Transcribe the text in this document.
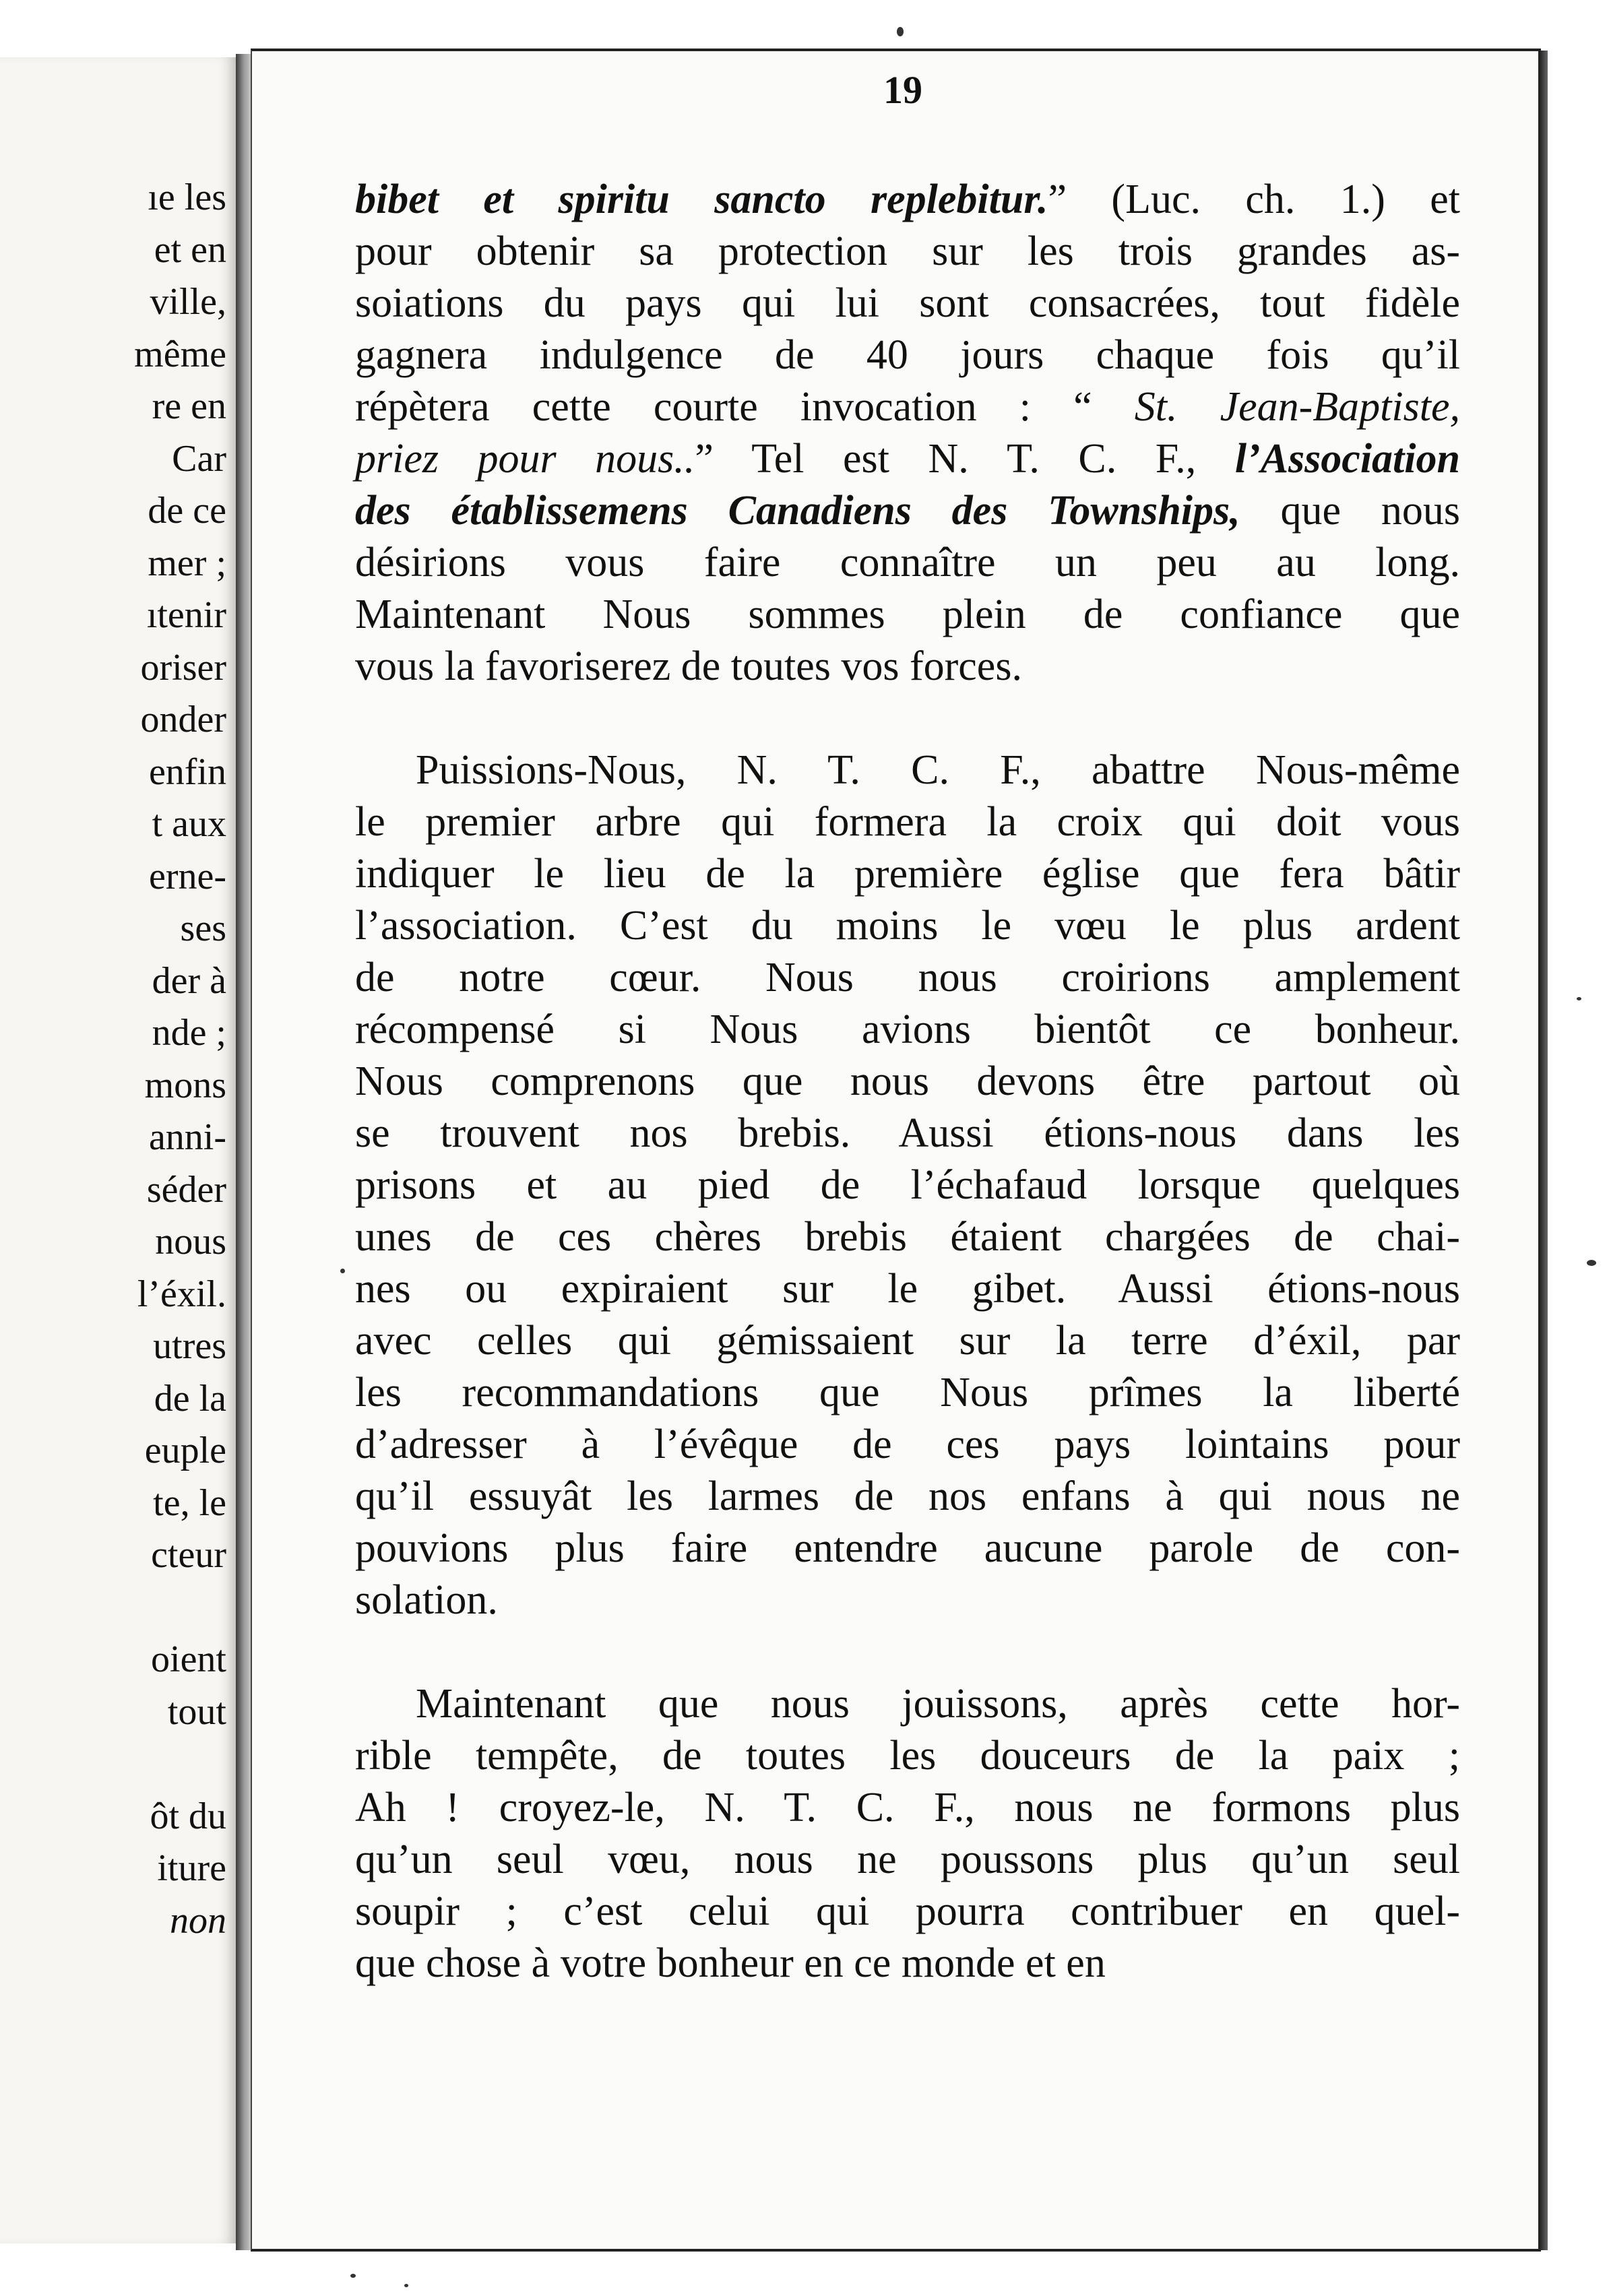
ıe les
et en
ville,
même
re en
Car
de ce
mer ;
ıtenir
oriser
onder
enfin
t aux
erne-
ses
der à
nde ;
mons
anni-
séder
nous
l’éxil.
utres
de la
euple
te, le
cteur
oient
tout
ôt du
iture
non
19
bibet et spiritu sancto replebitur.” (Luc. ch. 1.) et
pour obtenir sa protection sur les trois grandes as-
soiations du pays qui lui sont consacrées, tout fidèle
gagnera indulgence de 40 jours chaque fois qu’il
répètera cette courte invocation : “ St. Jean-Baptiste,
priez pour nous..” Tel est N. T. C. F., l’Association
des établissemens Canadiens des Townships, que nous
désirions vous faire connaître un peu au long.
Maintenant Nous sommes plein de confiance que
vous la favoriserez de toutes vos forces.
Puissions-Nous, N. T. C. F., abattre Nous-même
le premier arbre qui formera la croix qui doit vous
indiquer le lieu de la première église que fera bâtir
l’association. C’est du moins le vœu le plus ardent
de notre cœur. Nous nous croirions amplement
récompensé si Nous avions bientôt ce bonheur.
Nous comprenons que nous devons être partout où
se trouvent nos brebis. Aussi étions-nous dans les
prisons et au pied de l’échafaud lorsque quelques
unes de ces chères brebis étaient chargées de chai-
nes ou expiraient sur le gibet. Aussi étions-nous
avec celles qui gémissaient sur la terre d’éxil, par
les recommandations que Nous prîmes la liberté
d’adresser à l’évêque de ces pays lointains pour
qu’il essuyât les larmes de nos enfans à qui nous ne
pouvions plus faire entendre aucune parole de con-
solation.
Maintenant que nous jouissons, après cette hor-
rible tempête, de toutes les douceurs de la paix ;
Ah ! croyez-le, N. T. C. F., nous ne formons plus
qu’un seul vœu, nous ne poussons plus qu’un seul
soupir ; c’est celui qui pourra contribuer en quel-
que chose à votre bonheur en ce monde et en
